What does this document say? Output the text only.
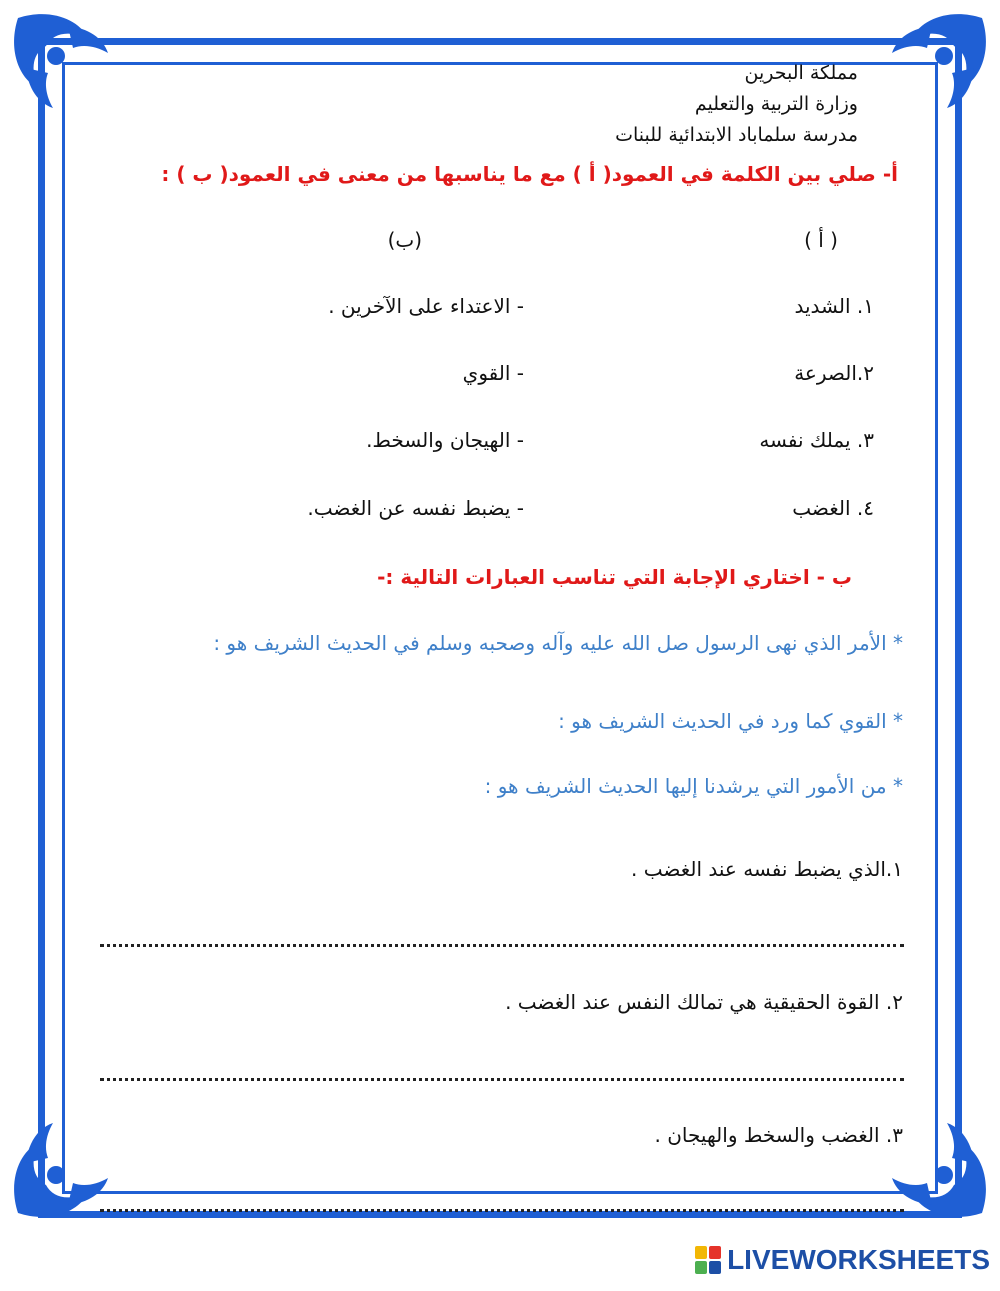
مملكة البحرين
وزارة التربية والتعليم
مدرسة سلماباد الابتدائية للبنات
أ- صلي بين الكلمة في العمود( أ ) مع ما يناسبها من معنى في العمود( ب ) :
( أ )
(ب)
١. الشديد
٢.الصرعة
٣. يملك نفسه
٤. الغضب
- الاعتداء على الآخرين .
- القوي
- الهيجان والسخط.
- يضبط نفسه عن الغضب.
ب - اختاري الإجابة التي تناسب العبارات التالية :-
* الأمر الذي نهى الرسول صل الله عليه وآله وصحبه وسلم في الحديث الشريف هو :
* القوي كما ورد في الحديث الشريف هو :
* من الأمور التي يرشدنا إليها الحديث الشريف هو :
١.الذي يضبط نفسه عند الغضب .
٢. القوة الحقيقية هي تمالك النفس عند الغضب .
٣. الغضب والسخط والهيجان .
LIVEWORKSHEETS
